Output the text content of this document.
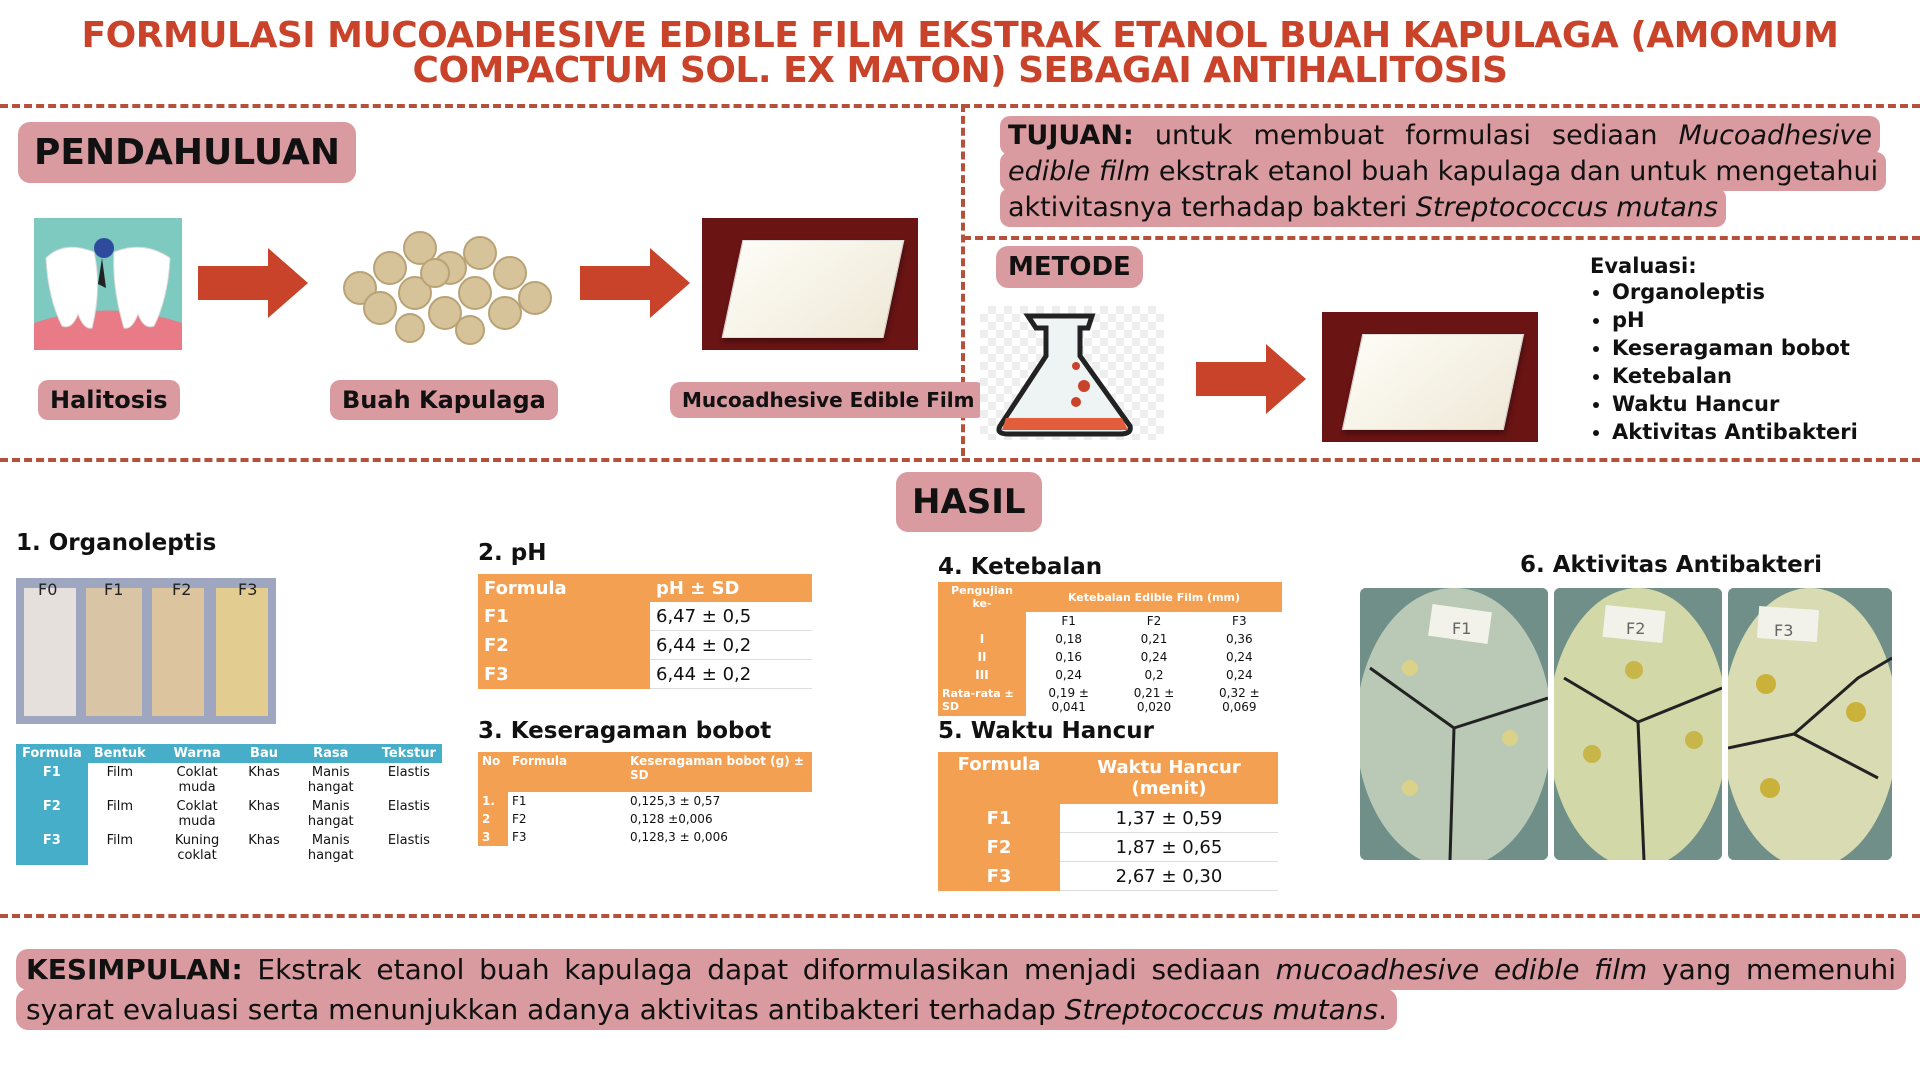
FORMULASI MUCOADHESIVE EDIBLE FILM EKSTRAK ETANOL BUAH KAPULAGA (AMOMUM
COMPACTUM SOL. EX MATON) SEBAGAI ANTIHALITOSIS
PENDAHULUAN
Halitosis	Buah Kapulaga	Mucoadhesive Edible Film
TUJUAN: untuk membuat formulasi sediaan Mucoadhesive edible film ekstrak etanol buah kapulaga dan untuk mengetahui aktivitasnya terhadap bakteri Streptococcus mutans
METODE	Evaluasi:
• Organoleptis
• pH
• Keseragaman bobot
• Ketebalan
• Waktu Hancur
• Aktivitas Antibakteri
HASIL
1. Organoleptis
F0	F1	F2	F3
Formula	Bentuk	Warna	Bau	Rasa	Tekstur
F1	Film	Coklat muda	Khas	Manis hangat	Elastis
F2	Film	Coklat muda	Khas	Manis hangat	Elastis
F3	Film	Kuning coklat	Khas	Manis hangat	Elastis
2. pH
Formula	pH ± SD
F1	6,47 ± 0,5
F2	6,44 ± 0,2
F3	6,44 ± 0,2
3. Keseragaman bobot
No	Formula	Keseragaman bobot (g) ± SD
1.	F1	0,125,3 ± 0,57
2	F2	0,128 ±0,006
3	F3	0,128,3 ± 0,006
4. Ketebalan
Pengujian ke-	Ketebalan Edible Film (mm)		
	F1	F2	F3
I	0,18	0,21	0,36
II	0,16	0,24	0,24
III	0,24	0,2	0,24
Rata-rata ± SD	0,19 ± 0,041	0,21 ± 0,020	0,32 ± 0,069
5. Waktu Hancur
Formula	Waktu Hancur (menit)
F1	1,37 ± 0,59
F2	1,87 ± 0,65
F3	2,67 ± 0,30
6. Aktivitas Antibakteri
F1	F2	F3
KESIMPULAN: Ekstrak etanol buah kapulaga dapat diformulasikan menjadi sediaan mucoadhesive edible film yang memenuhi syarat evaluasi serta menunjukkan adanya aktivitas antibakteri terhadap Streptococcus mutans.
